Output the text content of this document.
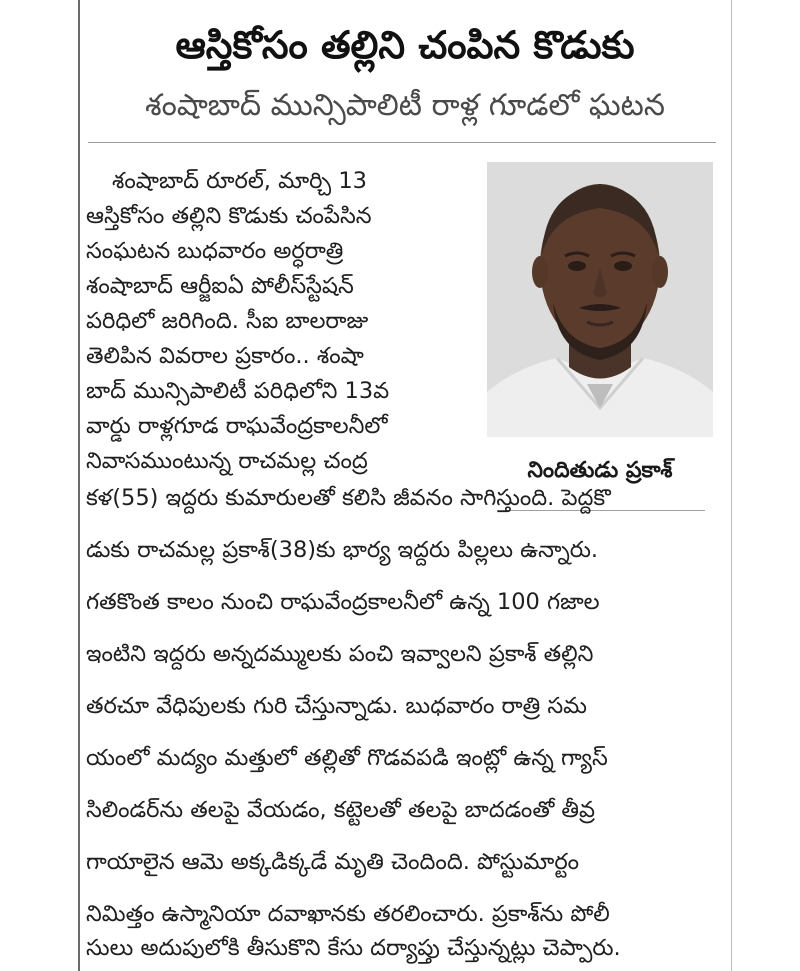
ఆస్తికోసం తల్లిని చంపిన కొడుకు
శంషాబాద్ మున్సిపాలిటీ రాళ్ల గూడలో ఘటన
నిందితుడు ప్రకాశ్
శంషాబాద్ రూరల్, మార్చి 13
ఆస్తికోసం తల్లిని కొడుకు చంపేసిన
సంఘటన బుధవారం అర్ధరాత్రి
శంషాబాద్ ఆర్జీఐఏ పోలీస్‌స్టేషన్
పరిధిలో జరిగింది. సీఐ బాలరాజు
తెలిపిన వివరాల ప్రకారం.. శంషా
బాద్ మున్సిపాలిటీ పరిధిలోని 13వ
వార్డు రాళ్లగూడ రాఘవేంద్రకాలనీలో
నివాసముంటున్న రాచమల్ల చంద్ర
కళ(55) ఇద్దరు కుమారులతో కలిసి జీవనం సాగిస్తుంది. పెద్దకొ
డుకు రాచమల్ల ప్రకాశ్(38)కు భార్య ఇద్దరు పిల్లలు ఉన్నారు.
గతకొంత కాలం నుంచి రాఘవేంద్రకాలనీలో ఉన్న 100 గజాల
ఇంటిని ఇద్దరు అన్నదమ్ములకు పంచి ఇవ్వాలని ప్రకాశ్ తల్లిని
తరచూ వేధిపులకు గురి చేస్తున్నాడు. బుధవారం రాత్రి సమ
యంలో మద్యం మత్తులో తల్లితో గొడవపడి ఇంట్లో ఉన్న గ్యాస్
సిలిండర్‌ను తలపై వేయడం, కట్టెలతో తలపై బాదడంతో తీవ్ర
గాయాలైన ఆమె అక్కడిక్కడే మృతి చెందింది. పోస్టుమార్టం
నిమిత్తం ఉస్మానియా దవాఖానకు తరలించారు. ప్రకాశ్‌ను పోలీ
సులు అదుపులోకి తీసుకొని కేసు దర్యాప్తు చేస్తున్నట్లు చెప్పారు.
